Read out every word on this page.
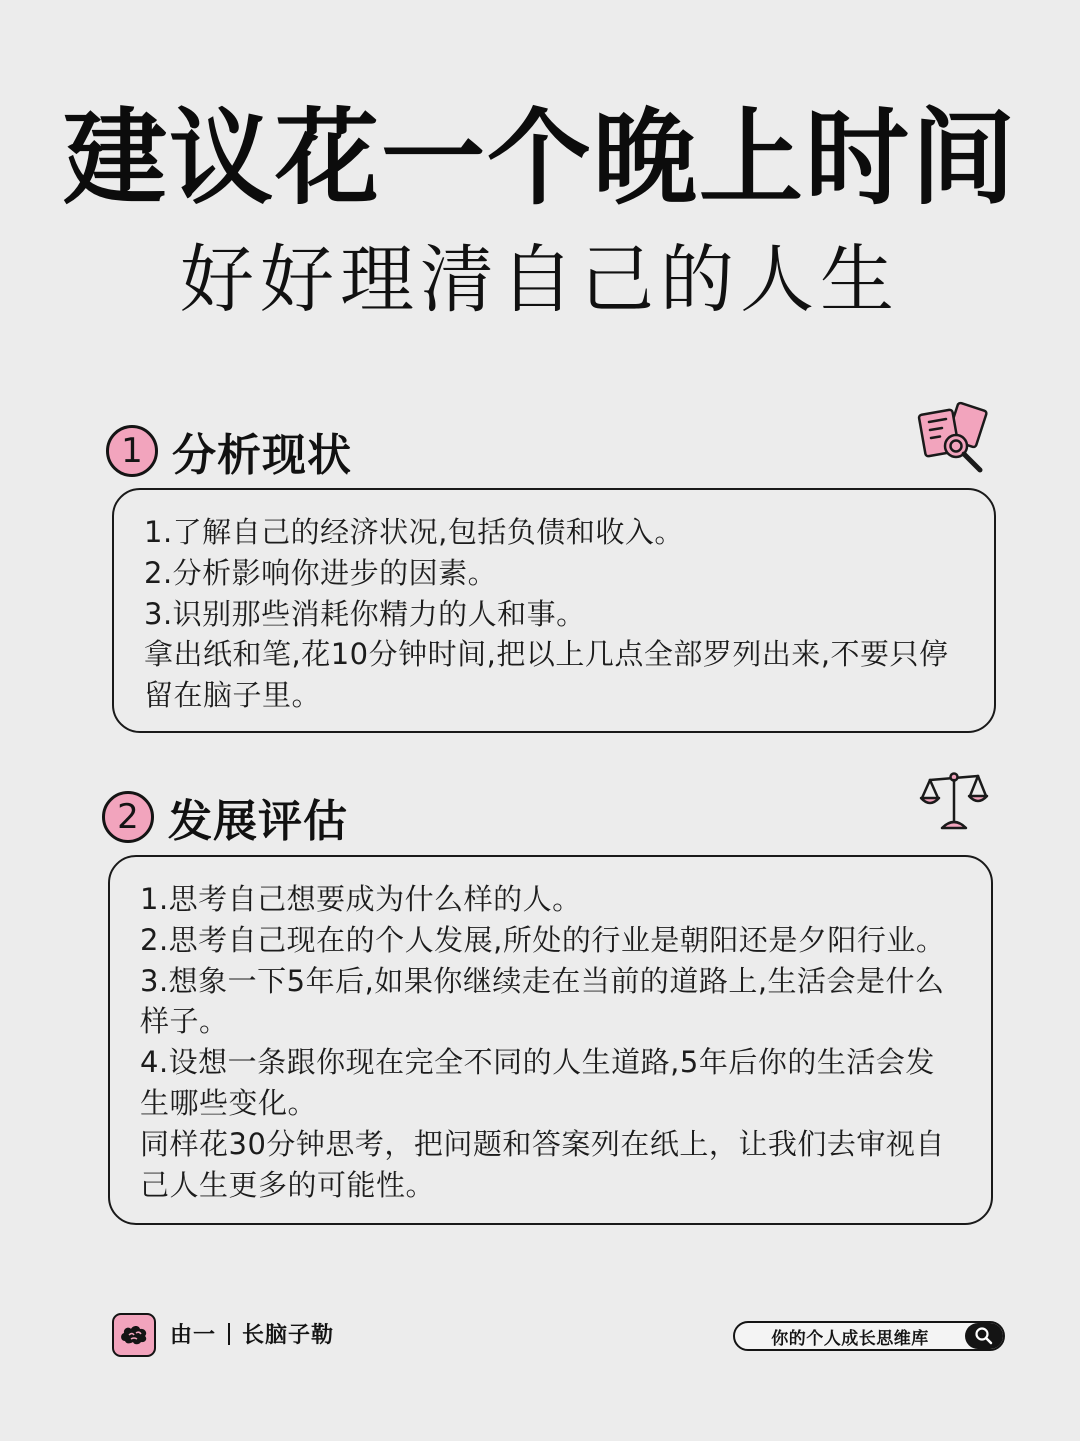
建议花一个晚上时间
好好理清自己的人生
1 分析现状

1.了解自己的经济状况,包括负债和收入。

2.分析影响你进步的因素。

3.识别那些消耗你精力的人和事。

拿出纸和笔,花10分钟时间,把以上几点全部罗列出来,不要只停留在脑子里。

2 发展评估

1.思考自己想要成为什么样的人。

2.思考自己现在的个人发展,所处的行业是朝阳还是夕阳行业。

3.想象一下5年后,如果你继续走在当前的道路上,生活会是什么样子。

4.设想一条跟你现在完全不同的人生道路,5年后你的生活会发生哪些变化。

同样花30分钟思考，把问题和答案列在纸上，让我们去审视自己人生更多的可能性。

由一 长脑子勒	你的个人成长思维库
